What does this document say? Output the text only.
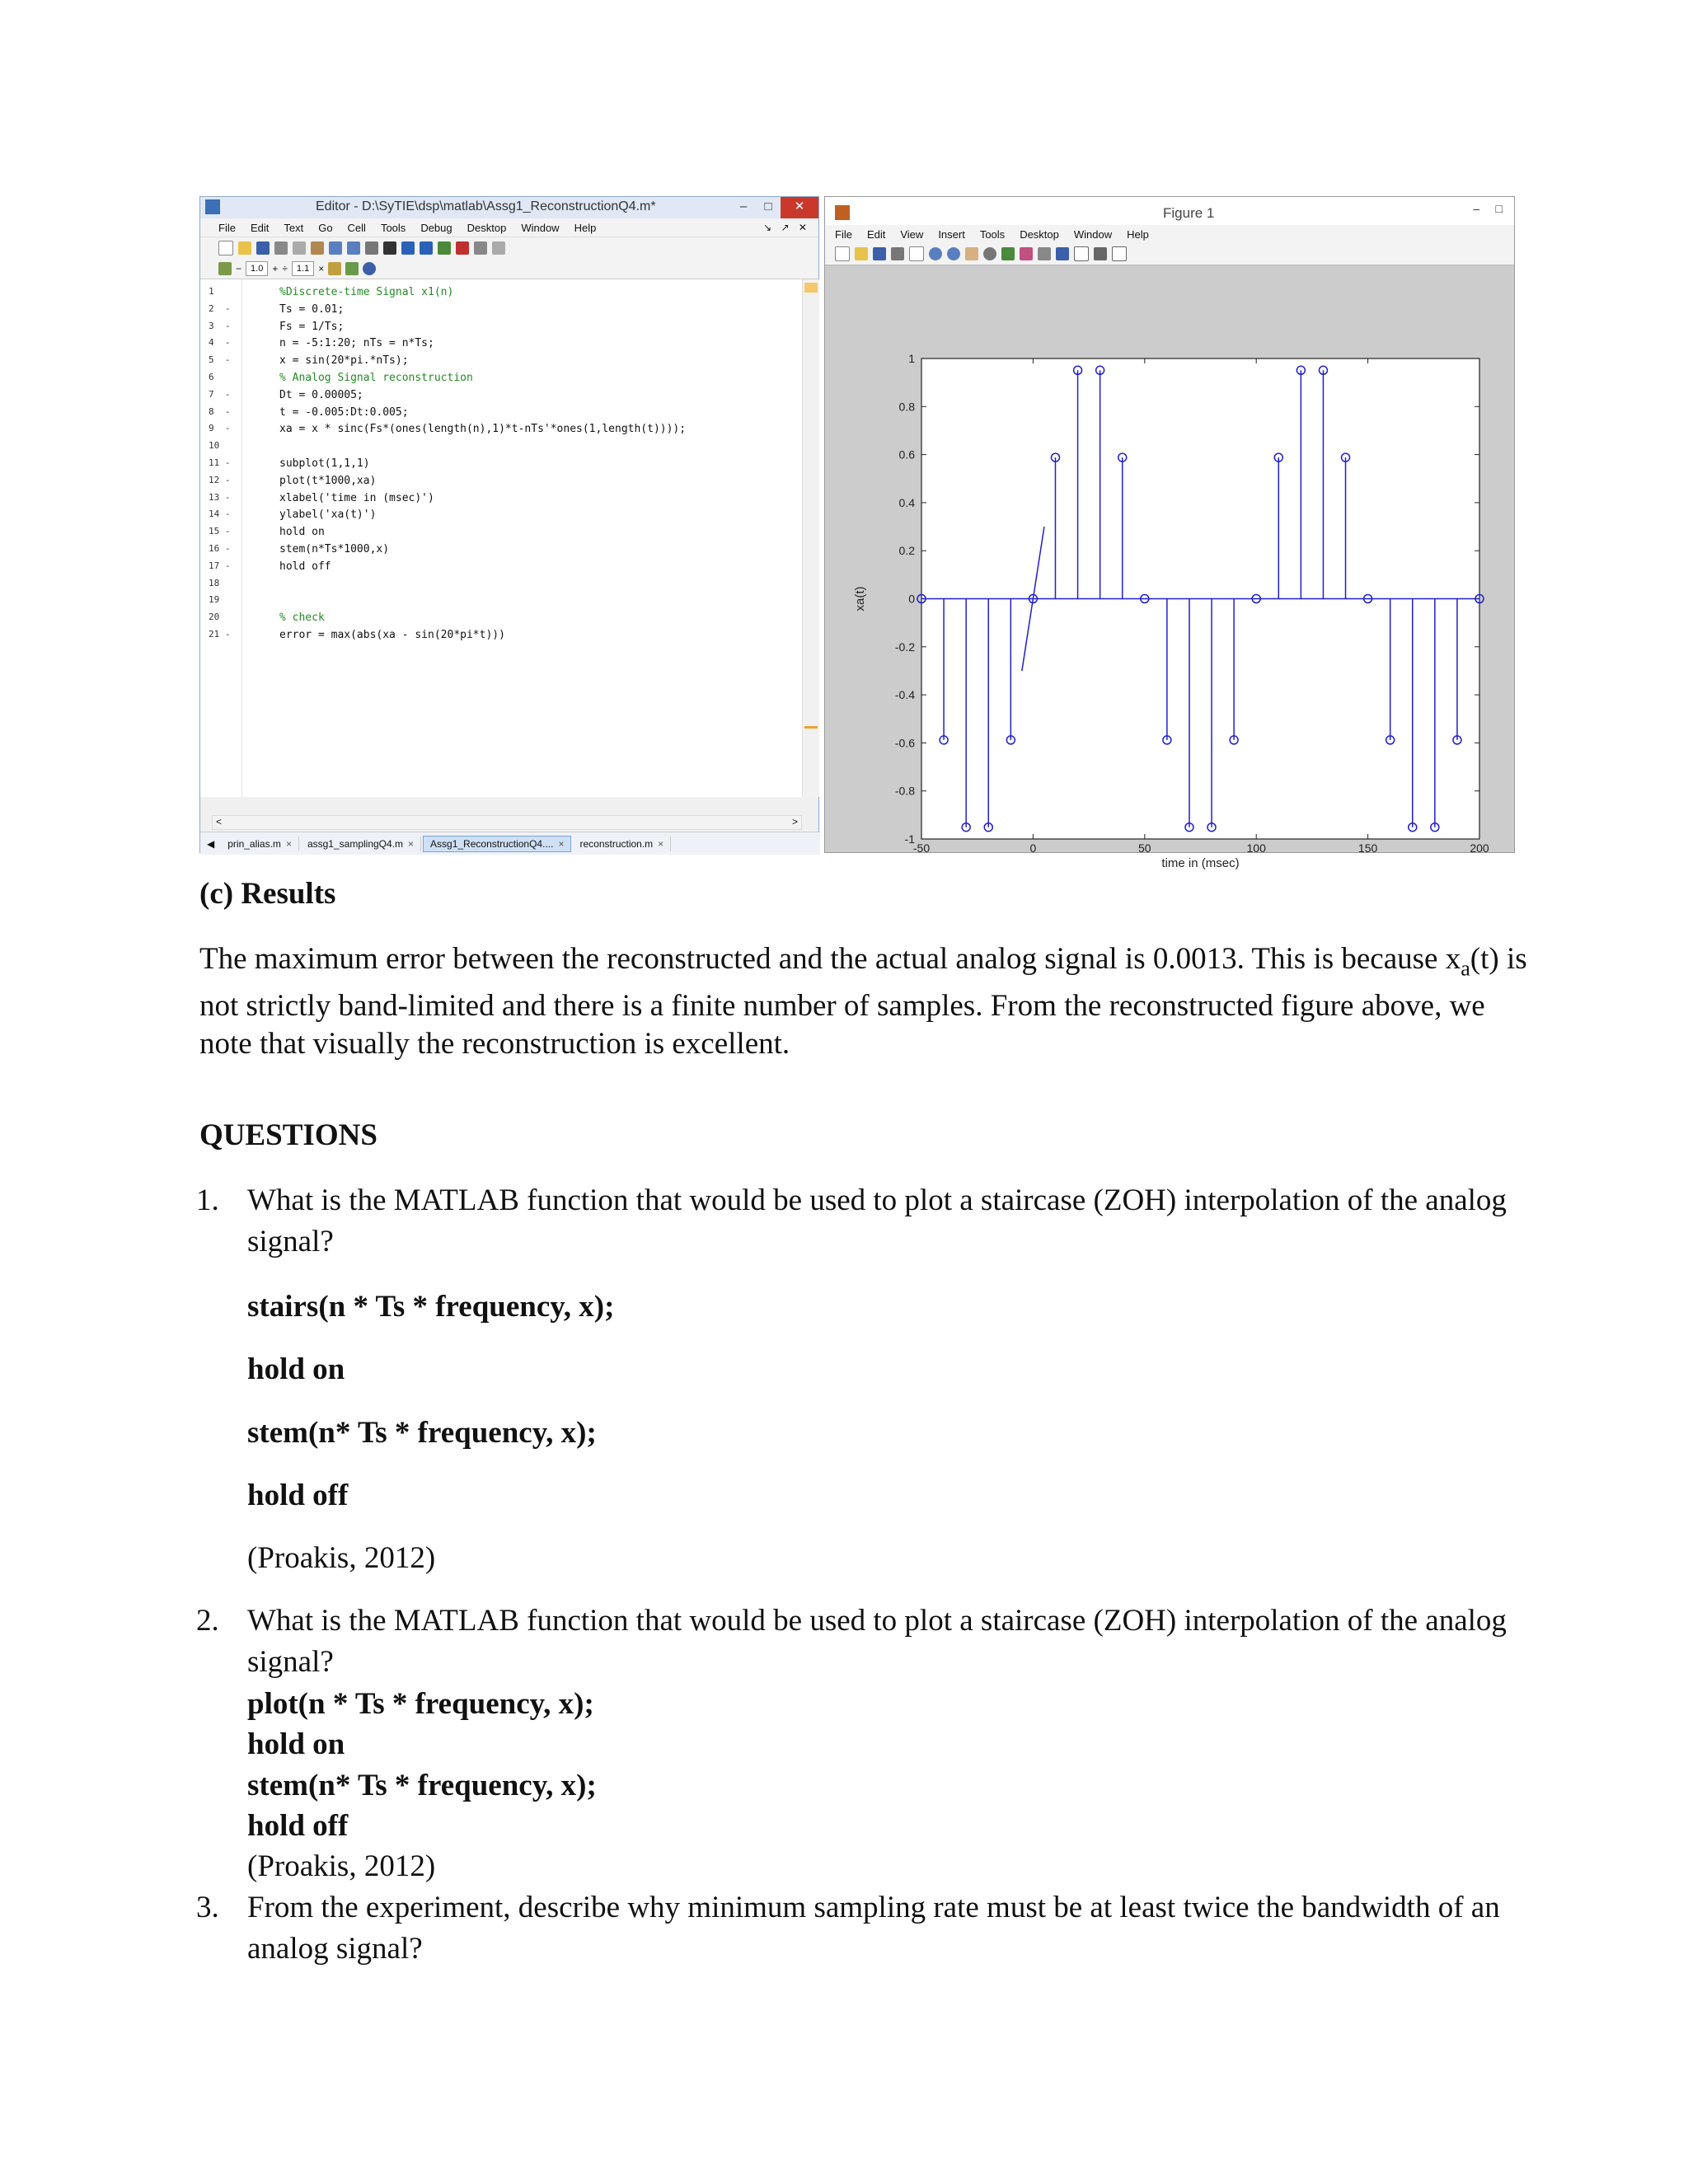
Editor - D:\SyTIE\dsp\matlab\Assg1_ReconstructionQ4.m*	–	□	✕
File Edit Text Go Cell Tools Debug Desktop Window Help	↘ ↗ ✕
−	1.0 + ÷	1.1 ×
1	%Discrete-time Signal x1(n)
2  -	Ts = 0.01;
3  -	Fs = 1/Ts;
4  -	n = -5:1:20; nTs = n*Ts;
5  -	x = sin(20*pi.*nTs);
6	% Analog Signal reconstruction
7  -	Dt = 0.00005;
8  -	t = -0.005:Dt:0.005;
9  -	xa = x * sinc(Fs*(ones(length(n),1)*t-nTs'*ones(1,length(t))));
10
11 -	subplot(1,1,1)
12 -	plot(t*1000,xa)
13 -	xlabel('time in (msec)')
14 -	ylabel('xa(t)')
15 -	hold on
16 -	stem(n*Ts*1000,x)
17 -	hold off
18
19
20	% check
21 -	error = max(abs(xa - sin(20*pi*t)))
<	>
◀	prin_alias.m ×	assg1_samplingQ4.m ×	Assg1_ReconstructionQ4.... ×	reconstruction.m ×
Figure 1	– □
File Edit View Insert Tools Desktop Window Help
-1
-0.8
-0.6
-0.4
-0.2
0
0.2
0.4
0.6
0.8
1
-50	0	50	100	150	200
time in (msec)
xa(t)
(c) Results
The maximum error between the reconstructed and the actual analog signal is 0.0013. This is because $x_a(t)$ is not strictly band-limited and there is a finite number of samples. From the reconstructed figure above, we note that visually the reconstruction is excellent.
QUESTIONS
1. What is the MATLAB function that would be used to plot a staircase (ZOH) interpolation of the analog signal?
stairs(n * Ts * frequency, x);
hold on
stem(n* Ts * frequency, x);
hold off
(Proakis, 2012)
2. What is the MATLAB function that would be used to plot a staircase (ZOH) interpolation of the analog signal?
plot(n * Ts * frequency, x);
hold on
stem(n* Ts * frequency, x);
hold off
(Proakis, 2012)
3. From the experiment, describe why minimum sampling rate must be at least twice the bandwidth of an analog signal?
